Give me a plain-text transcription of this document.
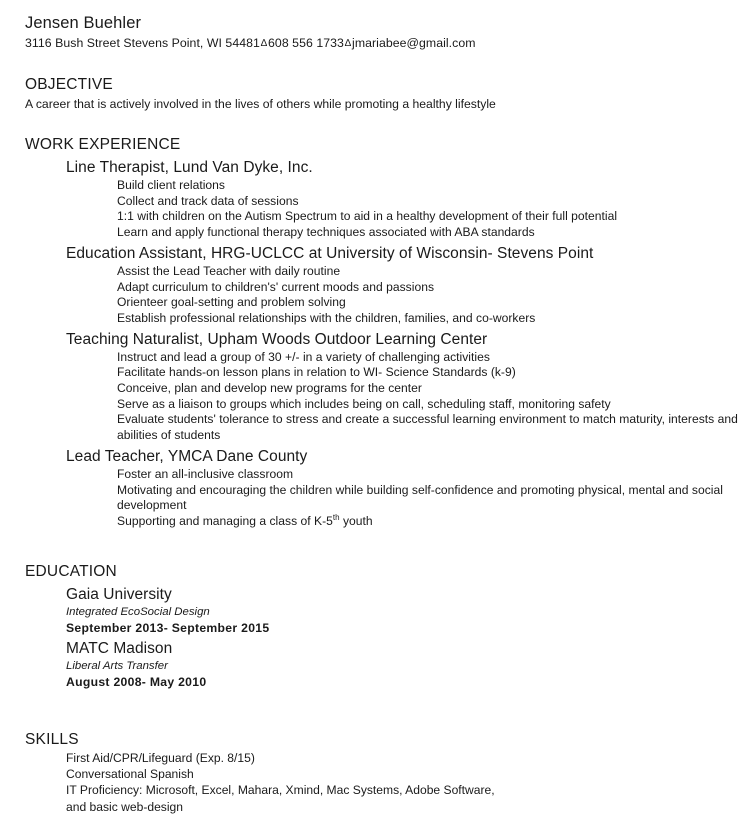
Jensen Buehler
3116 Bush Street Stevens Point, WI 54481∆608 556 1733∆jmariabee@gmail.com
OBJECTIVE
A career that is actively involved in the lives of others while promoting a healthy lifestyle
WORK EXPERIENCE
Line Therapist, Lund Van Dyke, Inc.
Build client relations
Collect and track data of sessions
1:1 with children on the Autism Spectrum to aid in a healthy development of their full potential
Learn and apply functional therapy techniques associated with ABA standards
Education Assistant, HRG-UCLCC at University of Wisconsin- Stevens Point
Assist the Lead Teacher with daily routine
Adapt curriculum to children's' current moods and passions
Orienteer goal-setting and problem solving
Establish professional relationships with the children, families, and co-workers
Teaching Naturalist, Upham Woods Outdoor Learning Center
Instruct and lead a group of 30 +/- in a variety of challenging activities
Facilitate hands-on lesson plans in relation to WI- Science Standards (k-9)
Conceive, plan and develop new programs for the center
Serve as a liaison to groups which includes being on call, scheduling staff, monitoring safety
Evaluate students' tolerance to stress and create a successful learning environment to match maturity, interests and abilities of students
Lead Teacher, YMCA Dane County
Foster an all-inclusive classroom
Motivating and encouraging the children while building self-confidence and promoting physical, mental and social development
Supporting and managing a class of K-5th youth
EDUCATION
Gaia University
Integrated EcoSocial Design
September 2013- September 2015
MATC Madison
Liberal Arts Transfer
August 2008- May 2010
SKILLS
First Aid/CPR/Lifeguard (Exp. 8/15)
Conversational Spanish
IT Proficiency: Microsoft, Excel, Mahara, Xmind, Mac Systems, Adobe Software,
and basic web-design
